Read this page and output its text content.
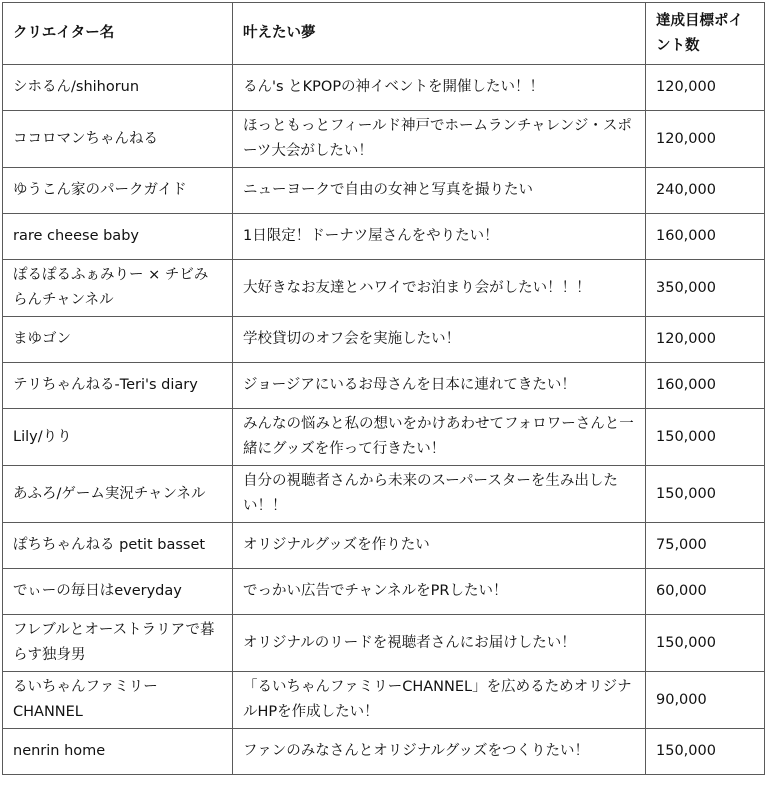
クリエイター名	叶えたい夢	達成目標ポイント数
シホるん/shihorun	るん's とKPOPの神イベントを開催したい！！	120,000
ココロマンちゃんねる	ほっともっとフィールド神戸でホームランチャレンジ・スポーツ大会がしたい！	120,000
ゆうこん家のパークガイド	ニューヨークで自由の女神と写真を撮りたい	240,000
rare cheese baby	1日限定！ドーナツ屋さんをやりたい！	160,000
ぽるぽるふぁみりー × チビみらんチャンネル	大好きなお友達とハワイでお泊まり会がしたい！！！	350,000
まゆゴン	学校貸切のオフ会を実施したい！	120,000
テリちゃんねる-Teri's diary	ジョージアにいるお母さんを日本に連れてきたい！	160,000
Lily/りり	みんなの悩みと私の想いをかけあわせてフォロワーさんと一緒にグッズを作って行きたい！	150,000
あふろ/ゲーム実況チャンネル	自分の視聴者さんから未来のスーパースターを生み出したい！！	150,000
ぽちちゃんねる petit basset	オリジナルグッズを作りたい	75,000
でぃーの毎日はeveryday	でっかい広告でチャンネルをPRしたい！	60,000
フレブルとオーストラリアで暮らす独身男	オリジナルのリードを視聴者さんにお届けしたい！	150,000
るいちゃんファミリーCHANNEL	「るいちゃんファミリーCHANNEL」を広めるためオリジナルHPを作成したい！	90,000
nenrin home	ファンのみなさんとオリジナルグッズをつくりたい！	150,000
